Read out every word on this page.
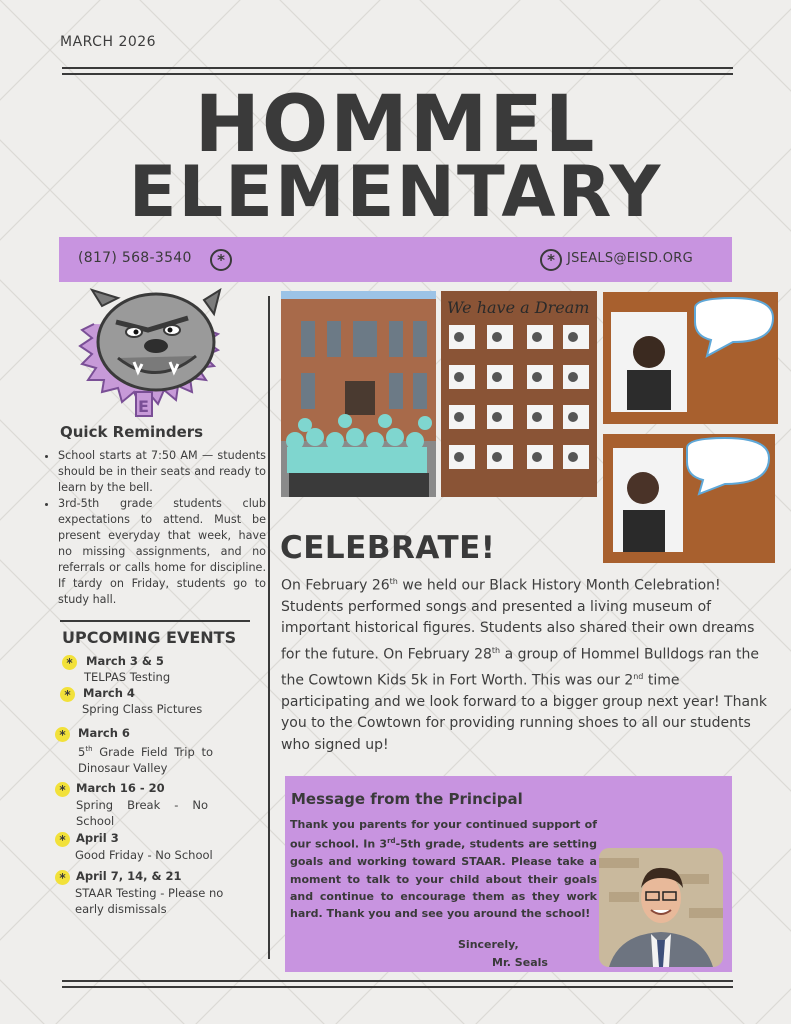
MARCH 2026
HOMMEL
ELEMENTARY
(817) 568-3540	*	* JSEALS@EISD.ORG
E
Quick Reminders
• School starts at 7:50 AM — students should be in their seats and ready to learn by the bell.
• 3rd-5th grade students club expectations to attend. Must be present everyday that week, have no missing assignments, and no referrals or calls home for discipline. If tardy on Friday, students go to study hall.
UPCOMING EVENTS
*	March 3 & 5
TELPAS Testing
*	March 4
Spring Class Pictures
*	March 6
5th Grade Field Trip to Dinosaur Valley
* March 16 - 20
Spring Break - No School
* April 3
Good Friday - No School
* April 7, 14, & 21
STAAR Testing - Please no early dismissals
We have a Dream
CELEBRATE!
On February 26th we held our Black History Month Celebration! Students performed songs and presented a living museum of important historical figures. Students also shared their own dreams for the future. On February 28th a group of Hommel Bulldogs ran the the Cowtown Kids 5k in Fort Worth. This was our 2nd time participating and we look forward to a bigger group next year! Thank you to the Cowtown for providing running shoes to all our students who signed up!
Message from the Principal
Thank you parents for your continued support of our school. In 3rd-5th grade, students are setting goals and working toward STAAR. Please take a moment to talk to your child about their goals and continue to encourage them as they work hard. Thank you and see you around the school!
Sincerely,
Mr. Seals
